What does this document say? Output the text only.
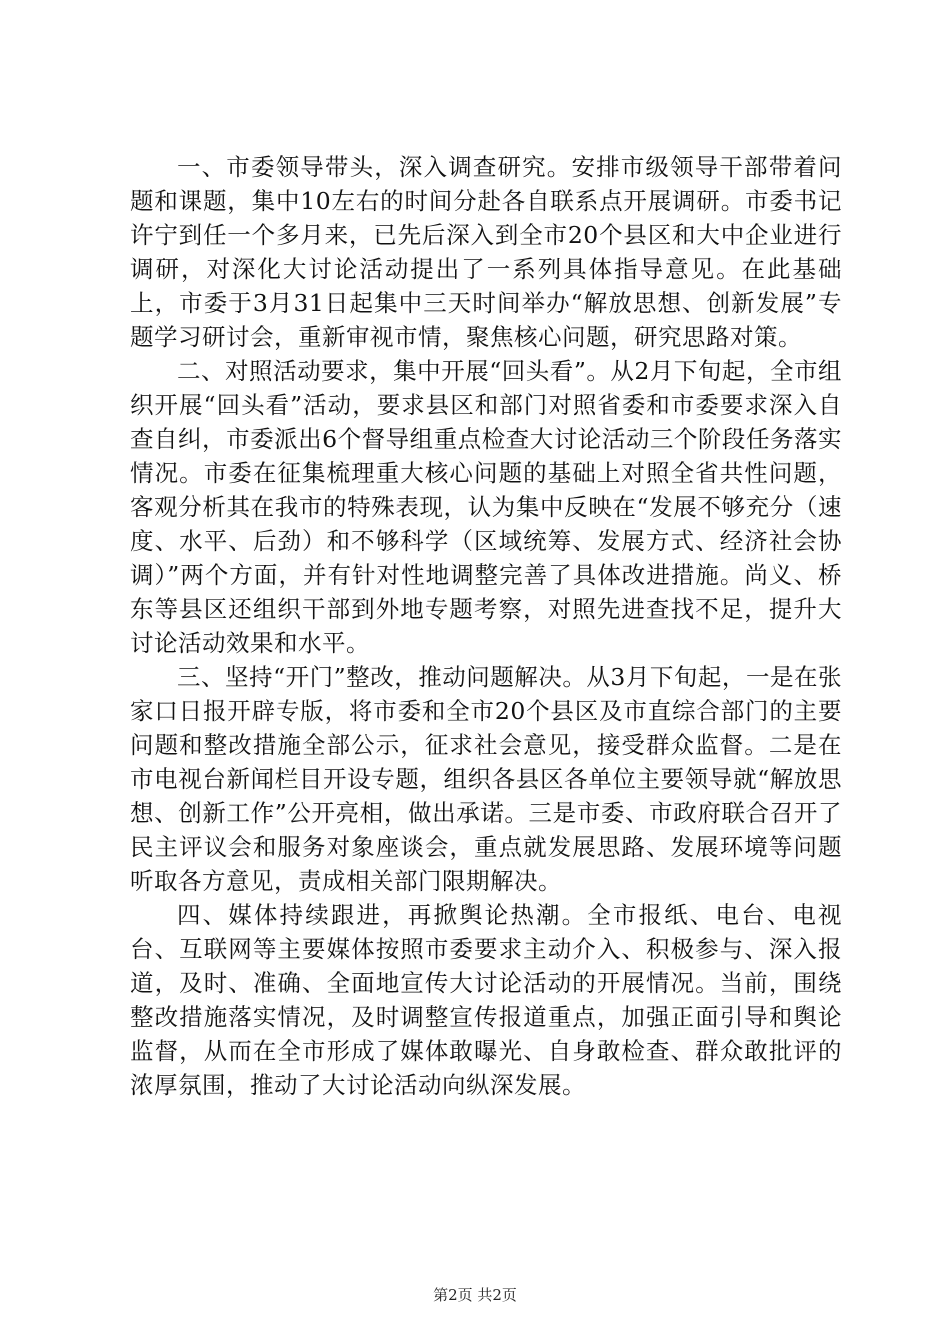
一、市委领导带头，深入调查研究。安排市级领导干部带着问题和课题，集中10左右的时间分赴各自联系点开展调研。市委书记许宁到任一个多月来，已先后深入到全市20个县区和大中企业进行调研，对深化大讨论活动提出了一系列具体指导意见。在此基础上，市委于3月31日起集中三天时间举办“解放思想、创新发展”专题学习研讨会，重新审视市情，聚焦核心问题，研究思路对策。

二、对照活动要求，集中开展“回头看”。从2月下旬起，全市组织开展“回头看”活动，要求县区和部门对照省委和市委要求深入自查自纠，市委派出6个督导组重点检查大讨论活动三个阶段任务落实情况。市委在征集梳理重大核心问题的基础上对照全省共性问题，客观分析其在我市的特殊表现，认为集中反映在“发展不够充分（速度、水平、后劲）和不够科学（区域统筹、发展方式、经济社会协调）”两个方面，并有针对性地调整完善了具体改进措施。尚义、桥东等县区还组织干部到外地专题考察，对照先进查找不足，提升大讨论活动效果和水平。

三、坚持“开门”整改，推动问题解决。从3月下旬起，一是在张家口日报开辟专版，将市委和全市20个县区及市直综合部门的主要问题和整改措施全部公示，征求社会意见，接受群众监督。二是在市电视台新闻栏目开设专题，组织各县区各单位主要领导就“解放思想、创新工作”公开亮相，做出承诺。三是市委、市政府联合召开了民主评议会和服务对象座谈会，重点就发展思路、发展环境等问题听取各方意见，责成相关部门限期解决。

四、媒体持续跟进，再掀舆论热潮。全市报纸、电台、电视台、互联网等主要媒体按照市委要求主动介入、积极参与、深入报道，及时、准确、全面地宣传大讨论活动的开展情况。当前，围绕整改措施落实情况，及时调整宣传报道重点，加强正面引导和舆论监督，从而在全市形成了媒体敢曝光、自身敢检查、群众敢批评的浓厚氛围，推动了大讨论活动向纵深发展。

第2页 共2页
